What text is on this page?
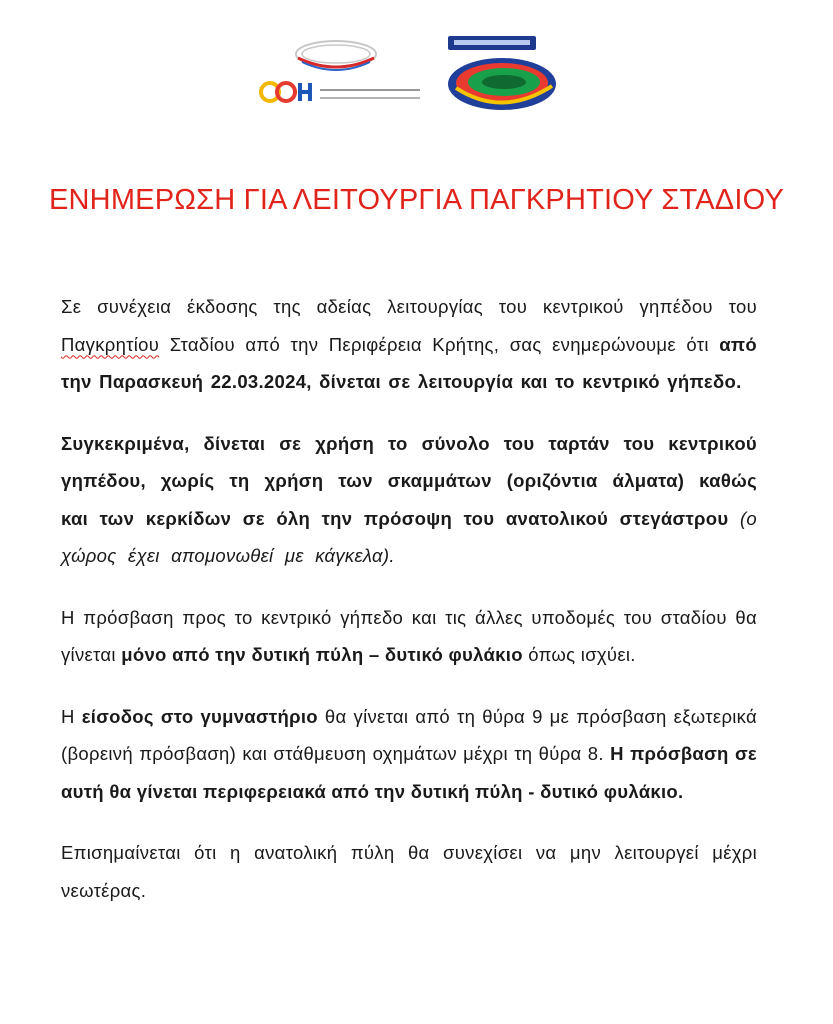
ΕΝΗΜΕΡΩΣΗ ΓΙΑ ΛΕΙΤΟΥΡΓΙΑ ΠΑΓΚΡΗΤΙΟΥ ΣΤΑΔΙΟΥ

Σε συνέχεια έκδοσης της αδείας λειτουργίας του κεντρικού γηπέδου του Παγκρητίου Σταδίου από την Περιφέρεια Κρήτης, σας ενημερώνουμε ότι από την Παρασκευή 22.03.2024, δίνεται σε λειτουργία και το κεντρικό γήπεδο.

Συγκεκριμένα, δίνεται σε χρήση το σύνολο του ταρτάν του κεντρικού γηπέδου, χωρίς τη χρήση των σκαμμάτων (οριζόντια άλματα) καθώς και των κερκίδων σε όλη την πρόσοψη του ανατολικού στεγάστρου (ο χώρος έχει απομονωθεί με κάγκελα).

Η πρόσβαση προς το κεντρικό γήπεδο και τις άλλες υποδομές του σταδίου θα γίνεται μόνο από την δυτική πύλη – δυτικό φυλάκιο όπως ισχύει.

Η είσοδος στο γυμναστήριο θα γίνεται από τη θύρα 9 με πρόσβαση εξωτερικά (βορεινή πρόσβαση) και στάθμευση οχημάτων μέχρι τη θύρα 8. Η πρόσβαση σε αυτή θα γίνεται περιφερειακά από την δυτική πύλη - δυτικό φυλάκιο.

Επισημαίνεται ότι η ανατολική πύλη θα συνεχίσει να μην λειτουργεί μέχρι νεωτέρας.
